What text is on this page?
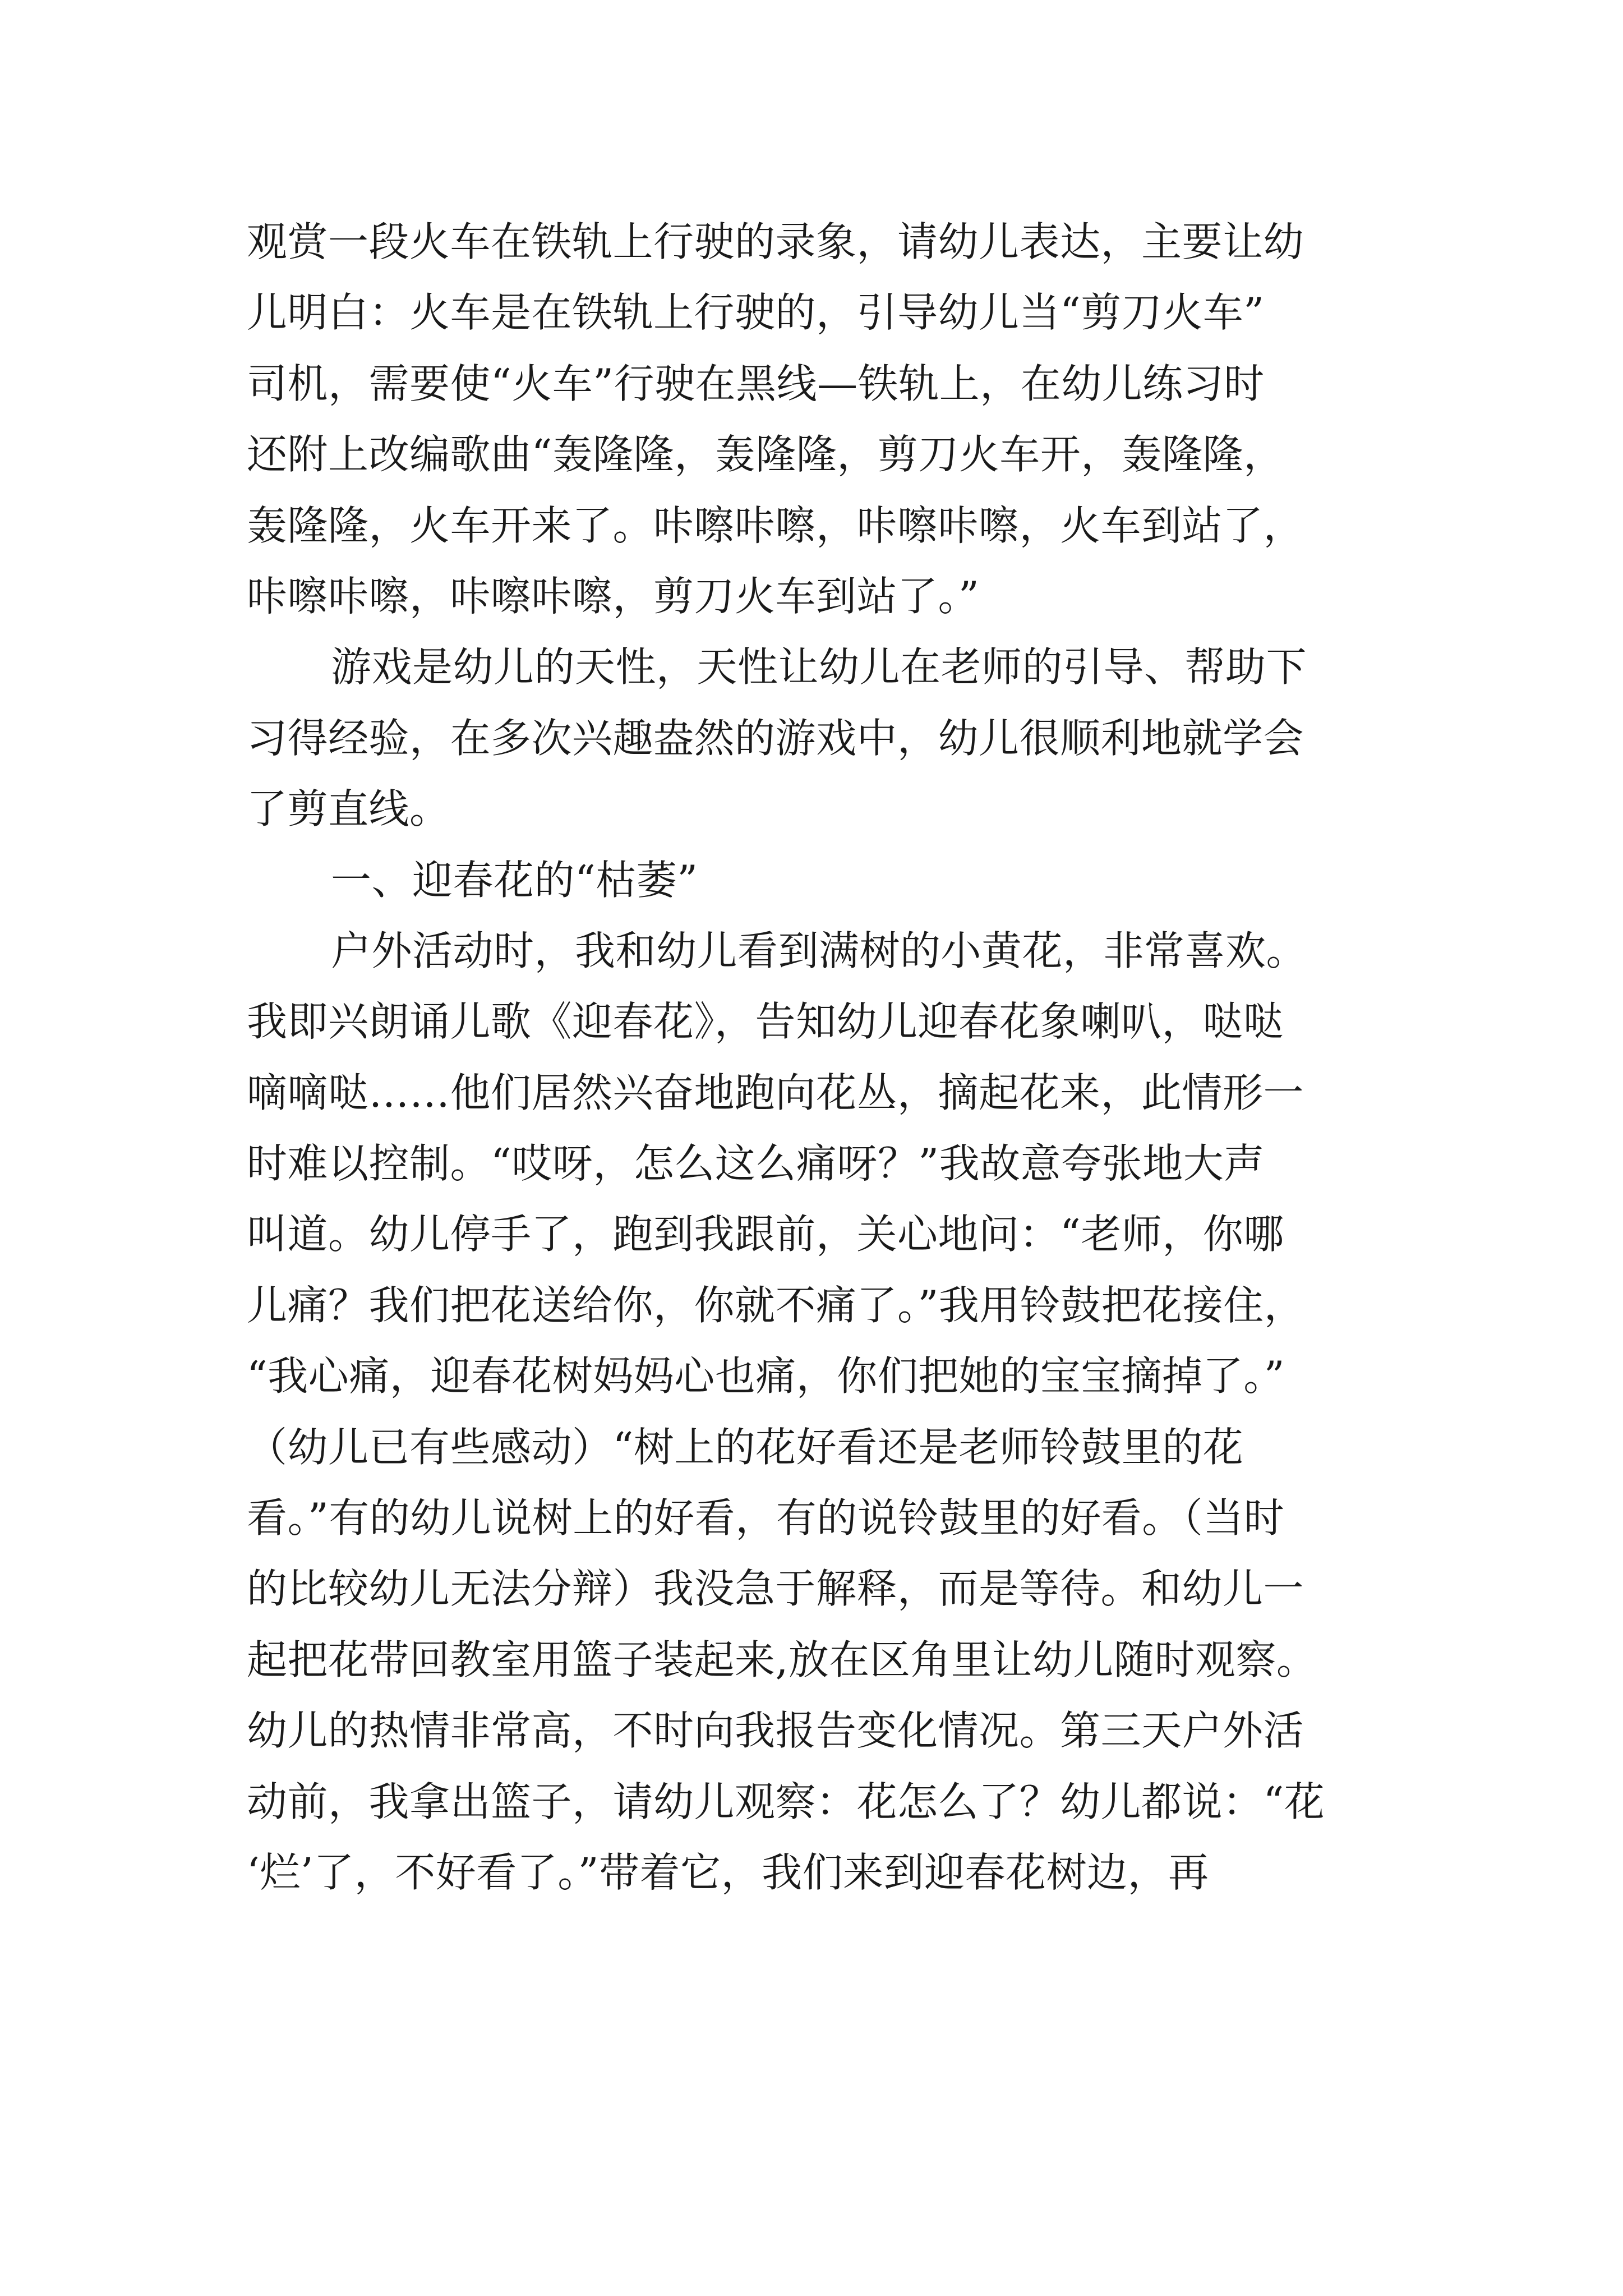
观赏一段火车在铁轨上行驶的录象，请幼儿表达，主要让幼
儿明白：火车是在铁轨上行驶的，引导幼儿当“剪刀火车”
司机，需要使“火车”行驶在黑线—铁轨上，在幼儿练习时
还附上改编歌曲“轰隆隆，轰隆隆，剪刀火车开，轰隆隆，
轰隆隆，火车开来了。咔嚓咔嚓，咔嚓咔嚓，火车到站了，
咔嚓咔嚓，咔嚓咔嚓，剪刀火车到站了。”
游戏是幼儿的天性，天性让幼儿在老师的引导、帮助下
习得经验，在多次兴趣盎然的游戏中，幼儿很顺利地就学会
了剪直线。
一、迎春花的“枯萎”
户外活动时，我和幼儿看到满树的小黄花，非常喜欢。
我即兴朗诵儿歌《迎春花》，告知幼儿迎春花象喇叭，哒哒
嘀嘀哒……他们居然兴奋地跑向花丛，摘起花来，此情形一
时难以控制。“哎呀，怎么这么痛呀？”我故意夸张地大声
叫道。幼儿停手了，跑到我跟前，关心地问：“老师，你哪
儿痛？我们把花送给你，你就不痛了。”我用铃鼓把花接住，
“我心痛，迎春花树妈妈心也痛，你们把她的宝宝摘掉了。”
（幼儿已有些感动）“树上的花好看还是老师铃鼓里的花
看。”有的幼儿说树上的好看，有的说铃鼓里的好看。（当时
的比较幼儿无法分辩）我没急于解释，而是等待。和幼儿一
起把花带回教室用篮子装起来,放在区角里让幼儿随时观察。
幼儿的热情非常高，不时向我报告变化情况。第三天户外活
动前，我拿出篮子，请幼儿观察：花怎么了？幼儿都说：“花
‘烂’了，不好看了。”带着它，我们来到迎春花树边，再
